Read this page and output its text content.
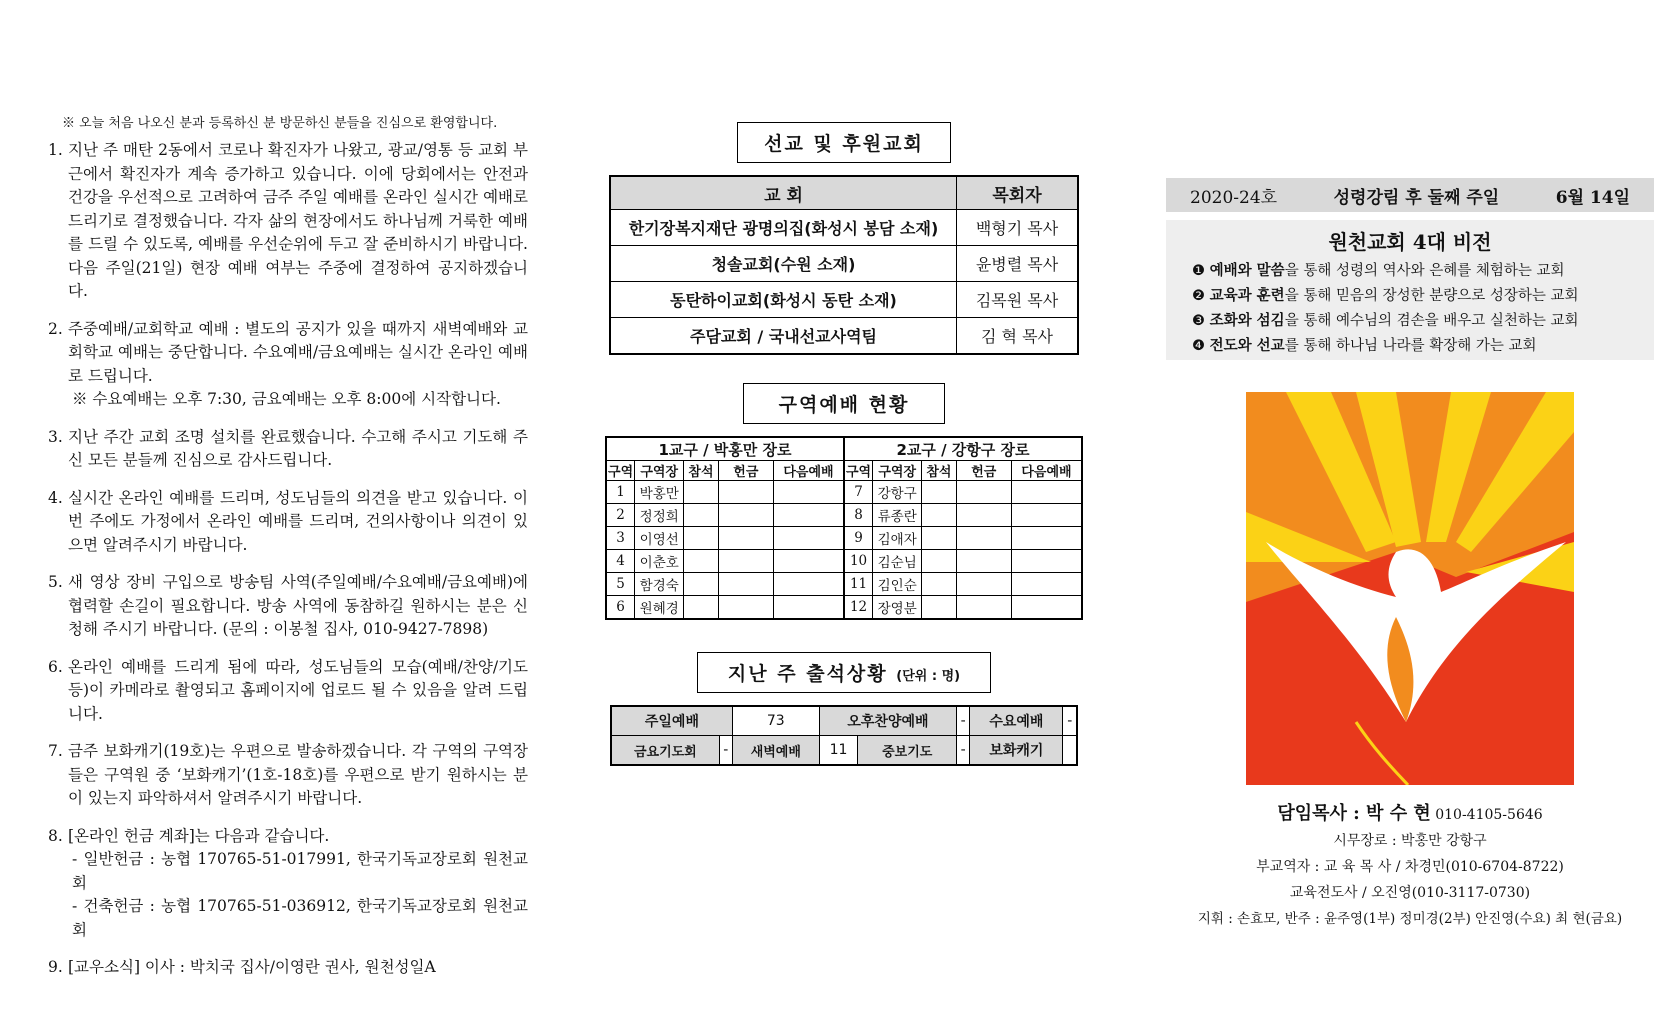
※ 오늘 처음 나오신 분과 등록하신 분 방문하신 분들을 진심으로 환영합니다.
1. 지난 주 매탄 2동에서 코로나 확진자가 나왔고, 광교/영통 등 교회 부근에서 확진자가 계속 증가하고 있습니다. 이에 당회에서는 안전과 건강을 우선적으로 고려하여 금주 주일 예배를 온라인 실시간 예배로 드리기로 결정했습니다. 각자 삶의 현장에서도 하나님께 거룩한 예배를 드릴 수 있도록, 예배를 우선순위에 두고 잘 준비하시기 바랍니다. 다음 주일(21일) 현장 예배 여부는 주중에 결정하여 공지하겠습니다.
2. 주중예배/교회학교 예배 : 별도의 공지가 있을 때까지 새벽예배와 교회학교 예배는 중단합니다. 수요예배/금요예배는 실시간 온라인 예배로 드립니다.
※ 수요예배는 오후 7:30, 금요예배는 오후 8:00에 시작합니다.
3. 지난 주간 교회 조명 설치를 완료했습니다. 수고해 주시고 기도해 주신 모든 분들께 진심으로 감사드립니다.
4. 실시간 온라인 예배를 드리며, 성도님들의 의견을 받고 있습니다. 이번 주에도 가정에서 온라인 예배를 드리며, 건의사항이나 의견이 있으면 알려주시기 바랍니다.
5. 새 영상 장비 구입으로 방송팀 사역(주일예배/수요예배/금요예배)에 협력할 손길이 필요합니다. 방송 사역에 동참하길 원하시는 분은 신청해 주시기 바랍니다. (문의 : 이봉철 집사, 010-9427-7898)
6. 온라인 예배를 드리게 됨에 따라, 성도님들의 모습(예배/찬양/기도 등)이 카메라로 촬영되고 홈페이지에 업로드 될 수 있음을 알려 드립니다.
7. 금주 보화캐기(19호)는 우편으로 발송하겠습니다. 각 구역의 구역장들은 구역원 중 ‘보화캐기’(1호-18호)를 우편으로 받기 원하시는 분이 있는지 파악하셔서 알려주시기 바랍니다.
8. [온라인 헌금 계좌]는 다음과 같습니다.
- 일반헌금 : 농협 170765-51-017991, 한국기독교장로회 원천교회
- 건축헌금 : 농협 170765-51-036912, 한국기독교장로회 원천교회
9. [교우소식] 이사 : 박치국 집사/이영란 권사, 원천성일A
선교 및 후원교회
교 회	목회자
한기장복지재단 광명의집(화성시 봉담 소재)	백형기 목사
청솔교회(수원 소재)	윤병렬 목사
동탄하이교회(화성시 동탄 소재)	김목원 목사
주담교회 / 국내선교사역팀	김 혁 목사
구역예배 현황
1교구 / 박홍만 장로					2교구 / 강항구 장로				
구역	구역장	참석	헌금	다음예배	구역	구역장	참석	헌금	다음예배
1	박홍만				7	강항구			
2	정정희				8	류종란			
3	이영선				9	김애자			
4	이춘호				10	김순님			
5	함경숙				11	김인순			
6	원혜경				12	장영분			
지난 주 출석상황 (단위 : 명)
주일예배		73	오후찬양예배		-	수요예배	-
금요기도회	-	새벽예배	11	중보기도	-	보화캐기	
2020-24호	성령강림 후 둘째 주일	6월 14일
원천교회 4대 비전
❶ 예배와 말씀을 통해 성령의 역사와 은혜를 체험하는 교회
❷ 교육과 훈련을 통해 믿음의 장성한 분량으로 성장하는 교회
❸ 조화와 섬김을 통해 예수님의 겸손을 배우고 실천하는 교회
❹ 전도와 선교를 통해 하나님 나라를 확장해 가는 교회
담임목사 : 박 수 현 010-4105-5646
시무장로 : 박홍만 강항구
부교역자 : 교 육 목 사 / 차경민(010-6704-8722)
교육전도사 / 오진영(010-3117-0730)
지휘 : 손효모, 반주 : 윤주영(1부) 정미경(2부) 안진영(수요) 최 현(금요)
